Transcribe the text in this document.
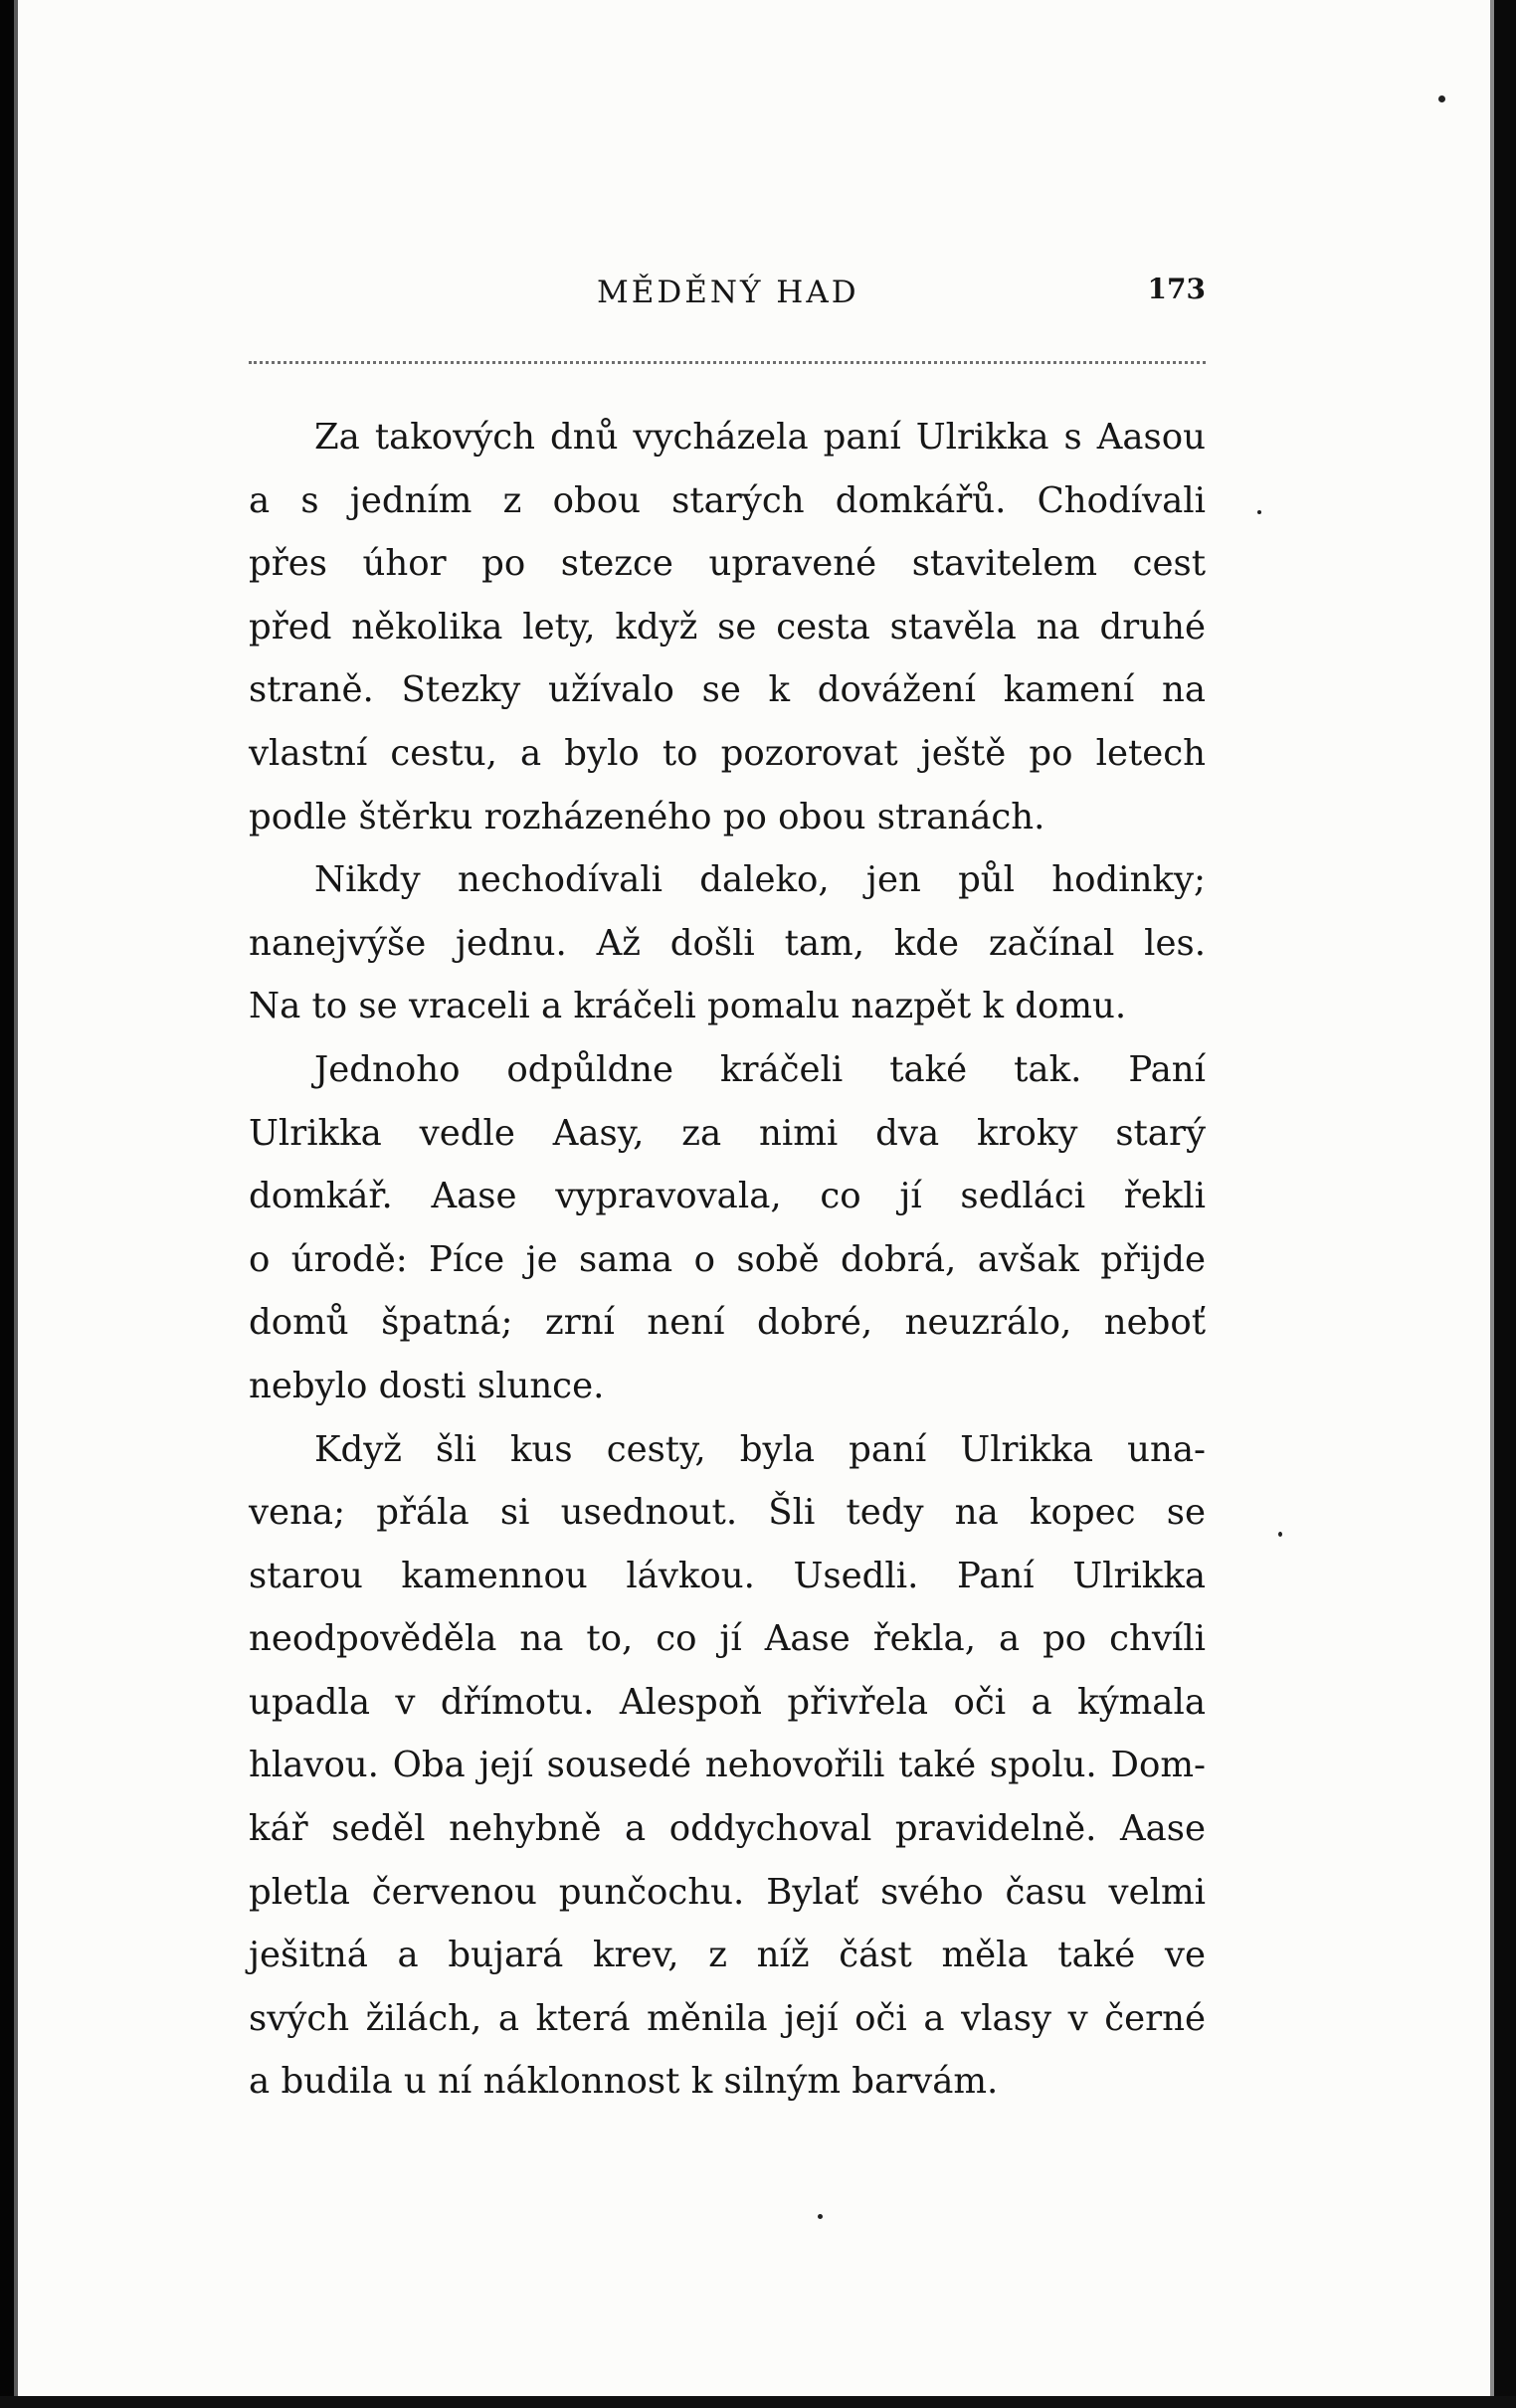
MĚDĚNÝ HAD	173
Za takových dnů vycházela paní Ulrikka s Aasou
a s jedním z obou starých domkářů. Chodívali
přes úhor po stezce upravené stavitelem cest
před několika lety, když se cesta stavěla na druhé
straně. Stezky užívalo se k dovážení kamení na
vlastní cestu, a bylo to pozorovat ještě po letech
podle štěrku rozházeného po obou stranách.
Nikdy nechodívali daleko, jen půl hodinky;
nanejvýše jednu. Až došli tam, kde začínal les.
Na to se vraceli a kráčeli pomalu nazpět k domu.
Jednoho odpůldne kráčeli také tak. Paní
Ulrikka vedle Aasy, za nimi dva kroky starý
domkář. Aase vypravovala, co jí sedláci řekli
o úrodě: Píce je sama o sobě dobrá, avšak přijde
domů špatná; zrní není dobré, neuzrálo, neboť
nebylo dosti slunce.
Když šli kus cesty, byla paní Ulrikka una-
vena; přála si usednout. Šli tedy na kopec se
starou kamennou lávkou. Usedli. Paní Ulrikka
neodpověděla na to, co jí Aase řekla, a po chvíli
upadla v dřímotu. Alespoň přivřela oči a kýmala
hlavou. Oba její sousedé nehovořili také spolu. Dom-
kář seděl nehybně a oddychoval pravidelně. Aase
pletla červenou punčochu. Bylať svého času velmi
ješitná a bujará krev, z níž část měla také ve
svých žilách, a která měnila její oči a vlasy v černé
a budila u ní náklonnost k silným barvám.
